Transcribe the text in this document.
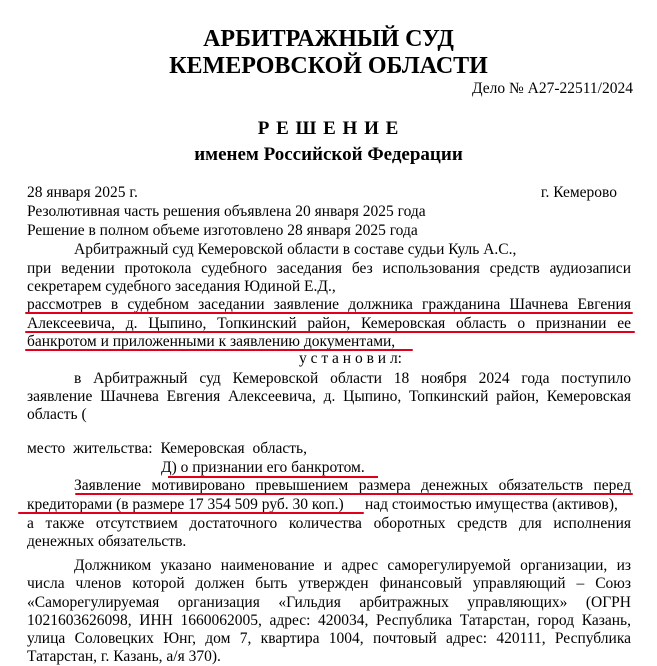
АРБИТРАЖНЫЙ СУД
КЕМЕРОВСКОЙ ОБЛАСТИ
Дело № А27-22511/2024
Р Е Ш Е Н И Е
именем Российской Федерации
28 января 2025 г.	г. Кемерово
Резолютивная часть решения объявлена 20 января 2025 года
Решение в полном объеме изготовлено 28 января 2025 года
Арбитражный суд Кемеровской области в составе судьи Куль А.С.,
при ведении протокола судебного заседания без использования средств аудиозаписи
секретарем судебного заседания Юдиной Е.Д.,
рассмотрев в судебном заседании заявление должника гражданина Шачнева Евгения
Алексеевича, д. Цыпино, Топкинский район, Кемеровская область о признании ее
банкротом и приложенными к заявлению документами,
у с т а н о в и л:
в Арбитражный суд Кемеровской области 18 ноября 2024 года поступило
заявление Шачнева Евгения Алексеевича, д. Цыпино, Топкинский район, Кемеровская
область (
место жительства: Кемеровская область,
Д) о признании его банкротом.
Заявление мотивировано превышением размера денежных обязательств перед
кредиторами (в размере 17 354 509 руб. 30 коп.) над стоимостью имущества (активов),
а также отсутствием достаточного количества оборотных средств для исполнения
денежных обязательств.
Должником указано наименование и адрес саморегулируемой организации, из
числа членов которой должен быть утвержден финансовый управляющий – Союз
«Саморегулируемая организация «Гильдия арбитражных управляющих» (ОГРН
1021603626098, ИНН 1660062005, адрес: 420034, Республика Татарстан, город Казань,
улица Соловецких Юнг, дом 7, квартира 1004, почтовый адрес: 420111, Республика
Татарстан, г. Казань, а/я 370).
